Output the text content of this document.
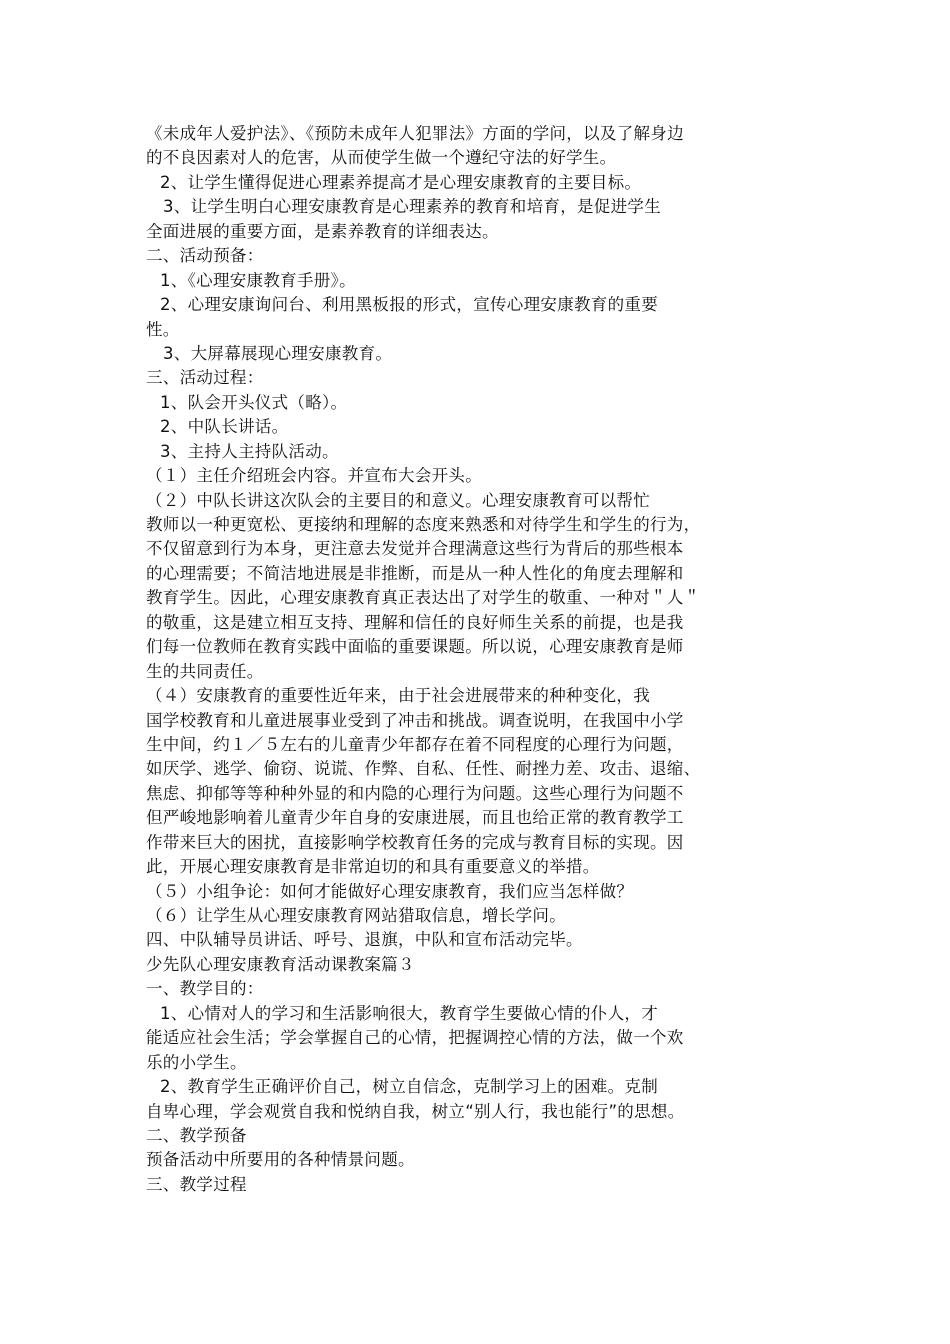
《未成年人爱护法》、《预防未成年人犯罪法》方面的学问，以及了解身边
的不良因素对人的危害，从而使学生做一个遵纪守法的好学生。
2、让学生懂得促进心理素养提高才是心理安康教育的主要目标。
3、让学生明白心理安康教育是心理素养的教育和培育，是促进学生
全面进展的重要方面，是素养教育的详细表达。
二、活动预备：
1、《心理安康教育手册》。
2、心理安康询问台、利用黑板报的形式，宣传心理安康教育的重要
性。
3、大屏幕展现心理安康教育。
三、活动过程：
1、队会开头仪式（略）。
2、中队长讲话。
3、主持人主持队活动。
（１）主任介绍班会内容。并宣布大会开头。
（２）中队长讲这次队会的主要目的和意义。心理安康教育可以帮忙
教师以一种更宽松、更接纳和理解的态度来熟悉和对待学生和学生的行为，
不仅留意到行为本身，更注意去发觉并合理满意这些行为背后的那些根本
的心理需要；不简洁地进展是非推断，而是从一种人性化的角度去理解和
教育学生。因此，心理安康教育真正表达出了对学生的敬重、一种对＂人＂
的敬重，这是建立相互支持、理解和信任的良好师生关系的前提，也是我
们每一位教师在教育实践中面临的重要课题。所以说，心理安康教育是师
生的共同责任。
（４）安康教育的重要性近年来，由于社会进展带来的种种变化，我
国学校教育和儿童进展事业受到了冲击和挑战。调查说明，在我国中小学
生中间，约１／５左右的儿童青少年都存在着不同程度的心理行为问题，
如厌学、逃学、偷窃、说谎、作弊、自私、任性、耐挫力差、攻击、退缩、
焦虑、抑郁等等种种外显的和内隐的心理行为问题。这些心理行为问题不
但严峻地影响着儿童青少年自身的安康进展，而且也给正常的教育教学工
作带来巨大的困扰，直接影响学校教育任务的完成与教育目标的实现。因
此，开展心理安康教育是非常迫切的和具有重要意义的举措。
（５）小组争论：如何才能做好心理安康教育，我们应当怎样做？
（６）让学生从心理安康教育网站猎取信息，增长学问。
四、中队辅导员讲话、呼号、退旗，中队和宣布活动完毕。
少先队心理安康教育活动课教案篇３
一、教学目的：
1、心情对人的学习和生活影响很大，教育学生要做心情的仆人，才
能适应社会生活；学会掌握自己的心情，把握调控心情的方法，做一个欢
乐的小学生。
2、教育学生正确评价自己，树立自信念，克制学习上的困难。克制
自卑心理，学会观赏自我和悦纳自我，树立“别人行，我也能行”的思想。
二、教学预备
预备活动中所要用的各种情景问题。
三、教学过程
